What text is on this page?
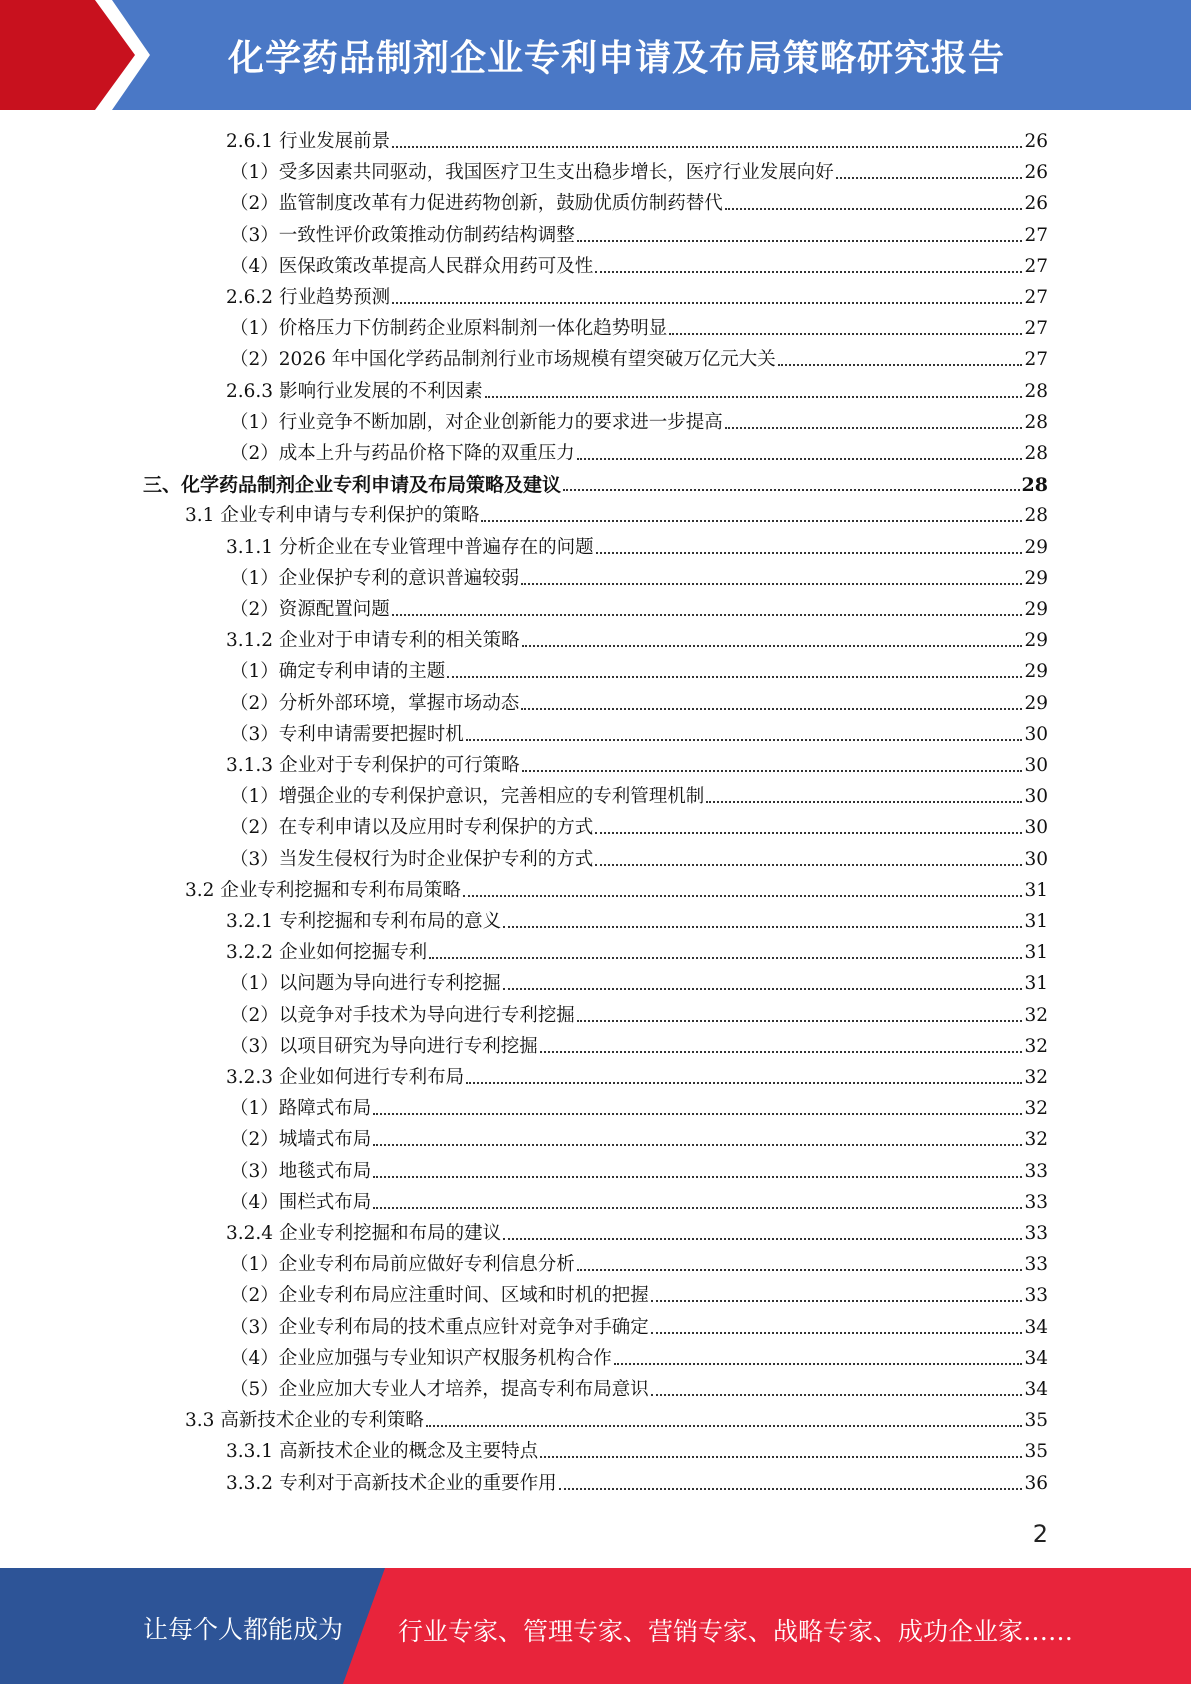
化学药品制剂企业专利申请及布局策略研究报告
2.6.1 行业发展前景	26
（1）受多因素共同驱动，我国医疗卫生支出稳步增长，医疗行业发展向好	26
（2）监管制度改革有力促进药物创新，鼓励优质仿制药替代	26
（3）一致性评价政策推动仿制药结构调整	27
（4）医保政策改革提高人民群众用药可及性	27
2.6.2 行业趋势预测	27
（1）价格压力下仿制药企业原料制剂一体化趋势明显	27
（2）2026 年中国化学药品制剂行业市场规模有望突破万亿元大关	27
2.6.3 影响行业发展的不利因素	28
（1）行业竞争不断加剧，对企业创新能力的要求进一步提高	28
（2）成本上升与药品价格下降的双重压力	28
三、化学药品制剂企业专利申请及布局策略及建议	28
3.1 企业专利申请与专利保护的策略	28
3.1.1 分析企业在专业管理中普遍存在的问题	29
（1）企业保护专利的意识普遍较弱	29
（2）资源配置问题	29
3.1.2 企业对于申请专利的相关策略	29
（1）确定专利申请的主题	29
（2）分析外部环境，掌握市场动态	29
（3）专利申请需要把握时机	30
3.1.3 企业对于专利保护的可行策略	30
（1）增强企业的专利保护意识，完善相应的专利管理机制	30
（2）在专利申请以及应用时专利保护的方式	30
（3）当发生侵权行为时企业保护专利的方式	30
3.2 企业专利挖掘和专利布局策略	31
3.2.1 专利挖掘和专利布局的意义	31
3.2.2 企业如何挖掘专利	31
（1）以问题为导向进行专利挖掘	31
（2）以竞争对手技术为导向进行专利挖掘	32
（3）以项目研究为导向进行专利挖掘	32
3.2.3 企业如何进行专利布局	32
（1）路障式布局	32
（2）城墙式布局	32
（3）地毯式布局	33
（4）围栏式布局	33
3.2.4 企业专利挖掘和布局的建议	33
（1）企业专利布局前应做好专利信息分析	33
（2）企业专利布局应注重时间、区域和时机的把握	33
（3）企业专利布局的技术重点应针对竞争对手确定	34
（4）企业应加强与专业知识产权服务机构合作	34
（5）企业应加大专业人才培养，提高专利布局意识	34
3.3 高新技术企业的专利策略	35
3.3.1 高新技术企业的概念及主要特点	35
3.3.2 专利对于高新技术企业的重要作用	36
2
让每个人都能成为 行业专家、管理专家、营销专家、战略专家、成功企业家……
